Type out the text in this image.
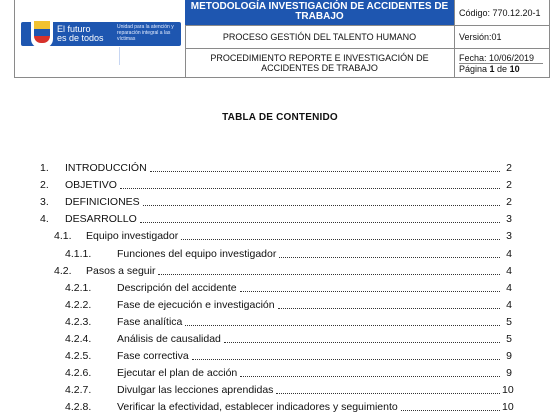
El futuro
es de todos
Unidad para la atención y reparación integral a las víctimas
METODOLOGÍA INVESTIGACIÓN DE ACCIDENTES DE TRABAJO	Código: 770.12.20-1
PROCESO GESTIÓN DEL TALENTO HUMANO	Versión:01
PROCEDIMIENTO REPORTE E INVESTIGACIÓN DE ACCIDENTES DE TRABAJO
Fecha: 10/06/2019
Página 1 de 10
TABLA DE CONTENIDO
1. INTRODUCCIÓN	2
2. OBJETIVO	2
3. DEFINICIONES	2
4. DESARROLLO	3
4.1. Equipo investigador	3
4.1.1. Funciones del equipo investigador	4
4.2. Pasos a seguir	4
4.2.1. Descripción del accidente	4
4.2.2. Fase de ejecución e investigación	4
4.2.3. Fase analítica	5
4.2.4. Análisis de causalidad	5
4.2.5. Fase correctiva	9
4.2.6. Ejecutar el plan de acción	9
4.2.7. Divulgar las lecciones aprendidas	10
4.2.8. Verificar la efectividad, establecer indicadores y seguimiento	10
